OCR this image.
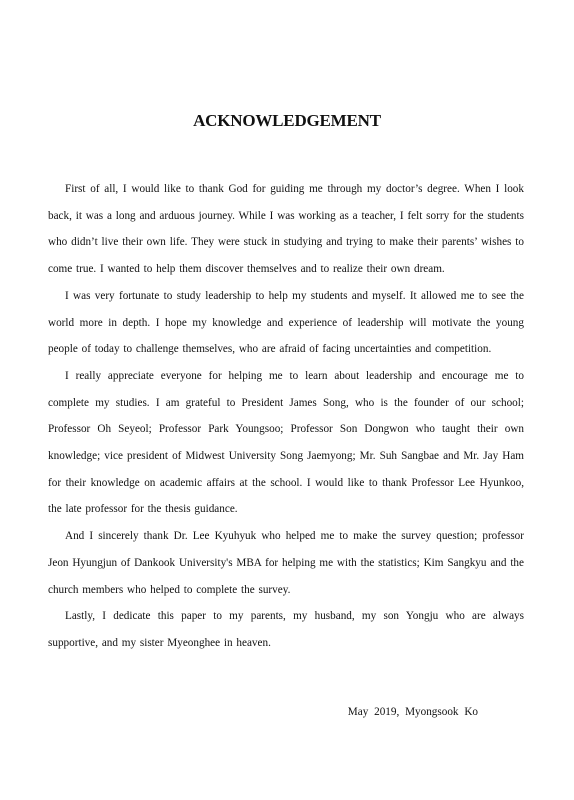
ACKNOWLEDGEMENT

First of all, I would like to thank God for guiding me through my doctor’s degree. When I look back, it was a long and arduous journey. While I was working as a teacher, I felt sorry for the students who didn’t live their own life. They were stuck in studying and trying to make their parents’ wishes to come true. I wanted to help them discover themselves and to realize their own dream.

I was very fortunate to study leadership to help my students and myself. It allowed me to see the world more in depth. I hope my knowledge and experience of leadership will motivate the young people of today to challenge themselves, who are afraid of facing uncertainties and competition.

I really appreciate everyone for helping me to learn about leadership and encourage me to complete my studies. I am grateful to President James Song, who is the founder of our school; Professor Oh Seyeol; Professor Park Youngsoo; Professor Son Dongwon who taught their own knowledge; vice president of Midwest University Song Jaemyong; Mr. Suh Sangbae and Mr. Jay Ham for their knowledge on academic affairs at the school. I would like to thank Professor Lee Hyunkoo, the late professor for the thesis guidance.

And I sincerely thank Dr. Lee Kyuhyuk who helped me to make the survey question; professor Jeon Hyungjun of Dankook University's MBA for helping me with the statistics; Kim Sangkyu and the church members who helped to complete the survey.

Lastly, I dedicate this paper to my parents, my husband, my son Yongju who are always supportive, and my sister Myeonghee in heaven.

May 2019, Myongsook Ko
